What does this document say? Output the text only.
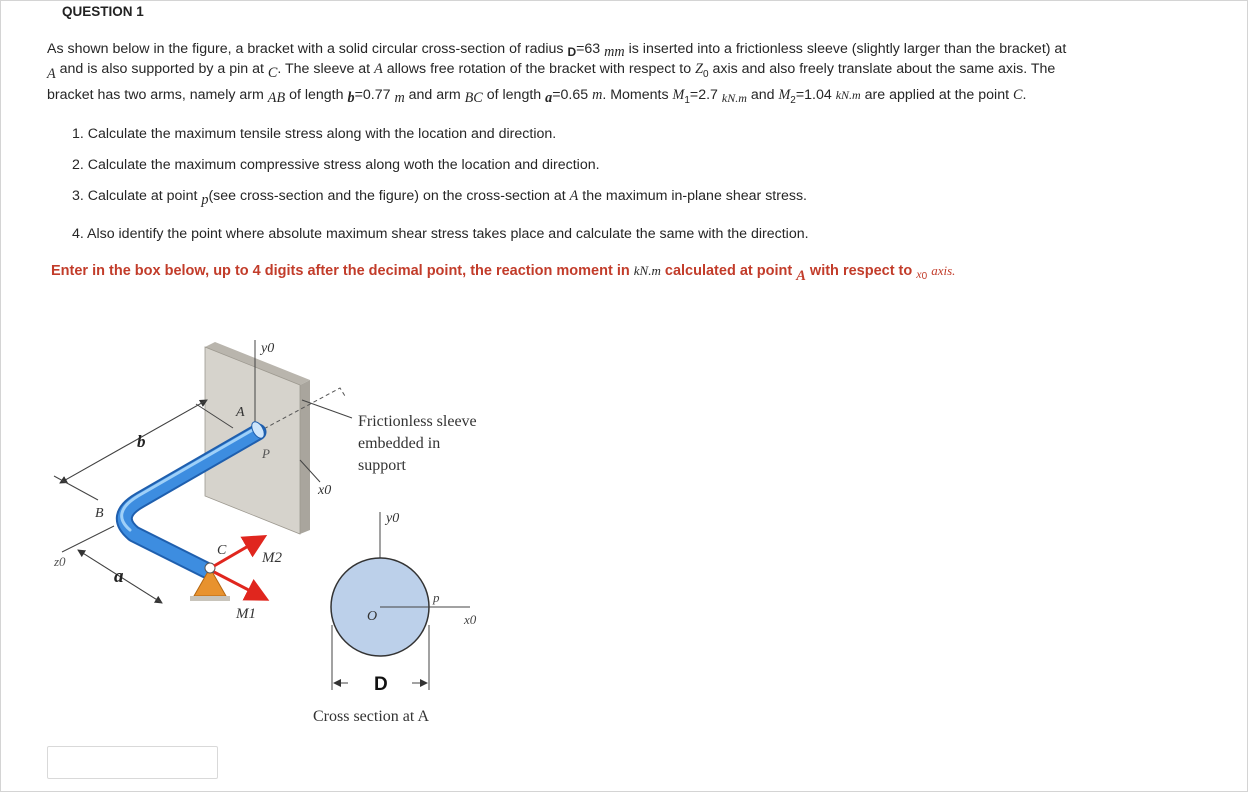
QUESTION 1
As shown below in the figure, a bracket with a solid circular cross-section of radius $_D$=63 mm is inserted into a frictionless sleeve (slightly larger than the bracket) at
A and is also supported by a pin at C. The sleeve at A allows free rotation of the bracket with respect to $Z_0$ axis and also freely translate about the same axis. The
bracket has two arms, namely arm AB of length b=0.77 m and arm BC of length a=0.65 m. Moments $M_1=2.7$ $_{kN.m}$ and $M_2=1.04$ kN.m are applied at the point C.
1. Calculate the maximum tensile stress along with the location and direction.
2. Calculate the maximum compressive stress along woth the location and direction.
3. Calculate at point p(see cross-section and the figure) on the cross-section at A the maximum in-plane shear stress.
4. Also identify the point where absolute maximum shear stress takes place and calculate the same with the direction.
Enter in the box below, up to 4 digits after the decimal point, the reaction moment in kN.m calculated at point A with respect to $_{x0}$ axis.
y0
x0
Frictionless sleeve
embedded in
support
A
P
b
z0
a
B
C M2
M1
y0
x0
O
p
D
Cross section at A
